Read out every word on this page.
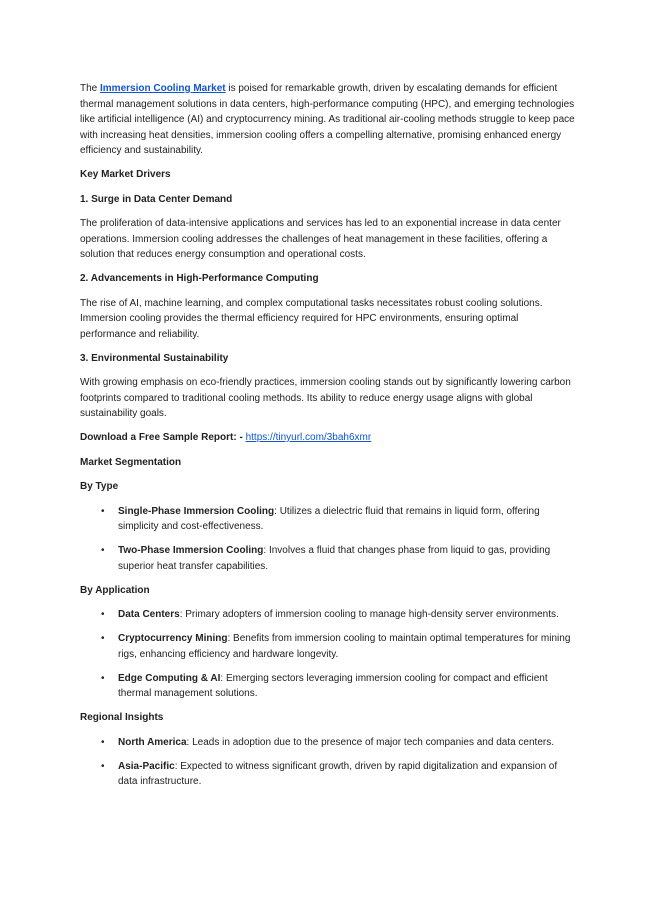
The Immersion Cooling Market is poised for remarkable growth, driven by escalating demands for efficient thermal management solutions in data centers, high-performance computing (HPC), and emerging technologies like artificial intelligence (AI) and cryptocurrency mining. As traditional air-cooling methods struggle to keep pace with increasing heat densities, immersion cooling offers a compelling alternative, promising enhanced energy efficiency and sustainability.

Key Market Drivers

1. Surge in Data Center Demand

The proliferation of data-intensive applications and services has led to an exponential increase in data center operations. Immersion cooling addresses the challenges of heat management in these facilities, offering a solution that reduces energy consumption and operational costs.

2. Advancements in High-Performance Computing

The rise of AI, machine learning, and complex computational tasks necessitates robust cooling solutions. Immersion cooling provides the thermal efficiency required for HPC environments, ensuring optimal performance and reliability.

3. Environmental Sustainability

With growing emphasis on eco-friendly practices, immersion cooling stands out by significantly lowering carbon footprints compared to traditional cooling methods. Its ability to reduce energy usage aligns with global sustainability goals.

Download a Free Sample Report: - https://tinyurl.com/3bah6xmr

Market Segmentation

By Type

• Single-Phase Immersion Cooling: Utilizes a dielectric fluid that remains in liquid form, offering simplicity and cost-effectiveness.
• Two-Phase Immersion Cooling: Involves a fluid that changes phase from liquid to gas, providing superior heat transfer capabilities.

By Application

• Data Centers: Primary adopters of immersion cooling to manage high-density server environments.
• Cryptocurrency Mining: Benefits from immersion cooling to maintain optimal temperatures for mining rigs, enhancing efficiency and hardware longevity.
• Edge Computing & AI: Emerging sectors leveraging immersion cooling for compact and efficient thermal management solutions.

Regional Insights

• North America: Leads in adoption due to the presence of major tech companies and data centers.
• Asia-Pacific: Expected to witness significant growth, driven by rapid digitalization and expansion of data infrastructure.
